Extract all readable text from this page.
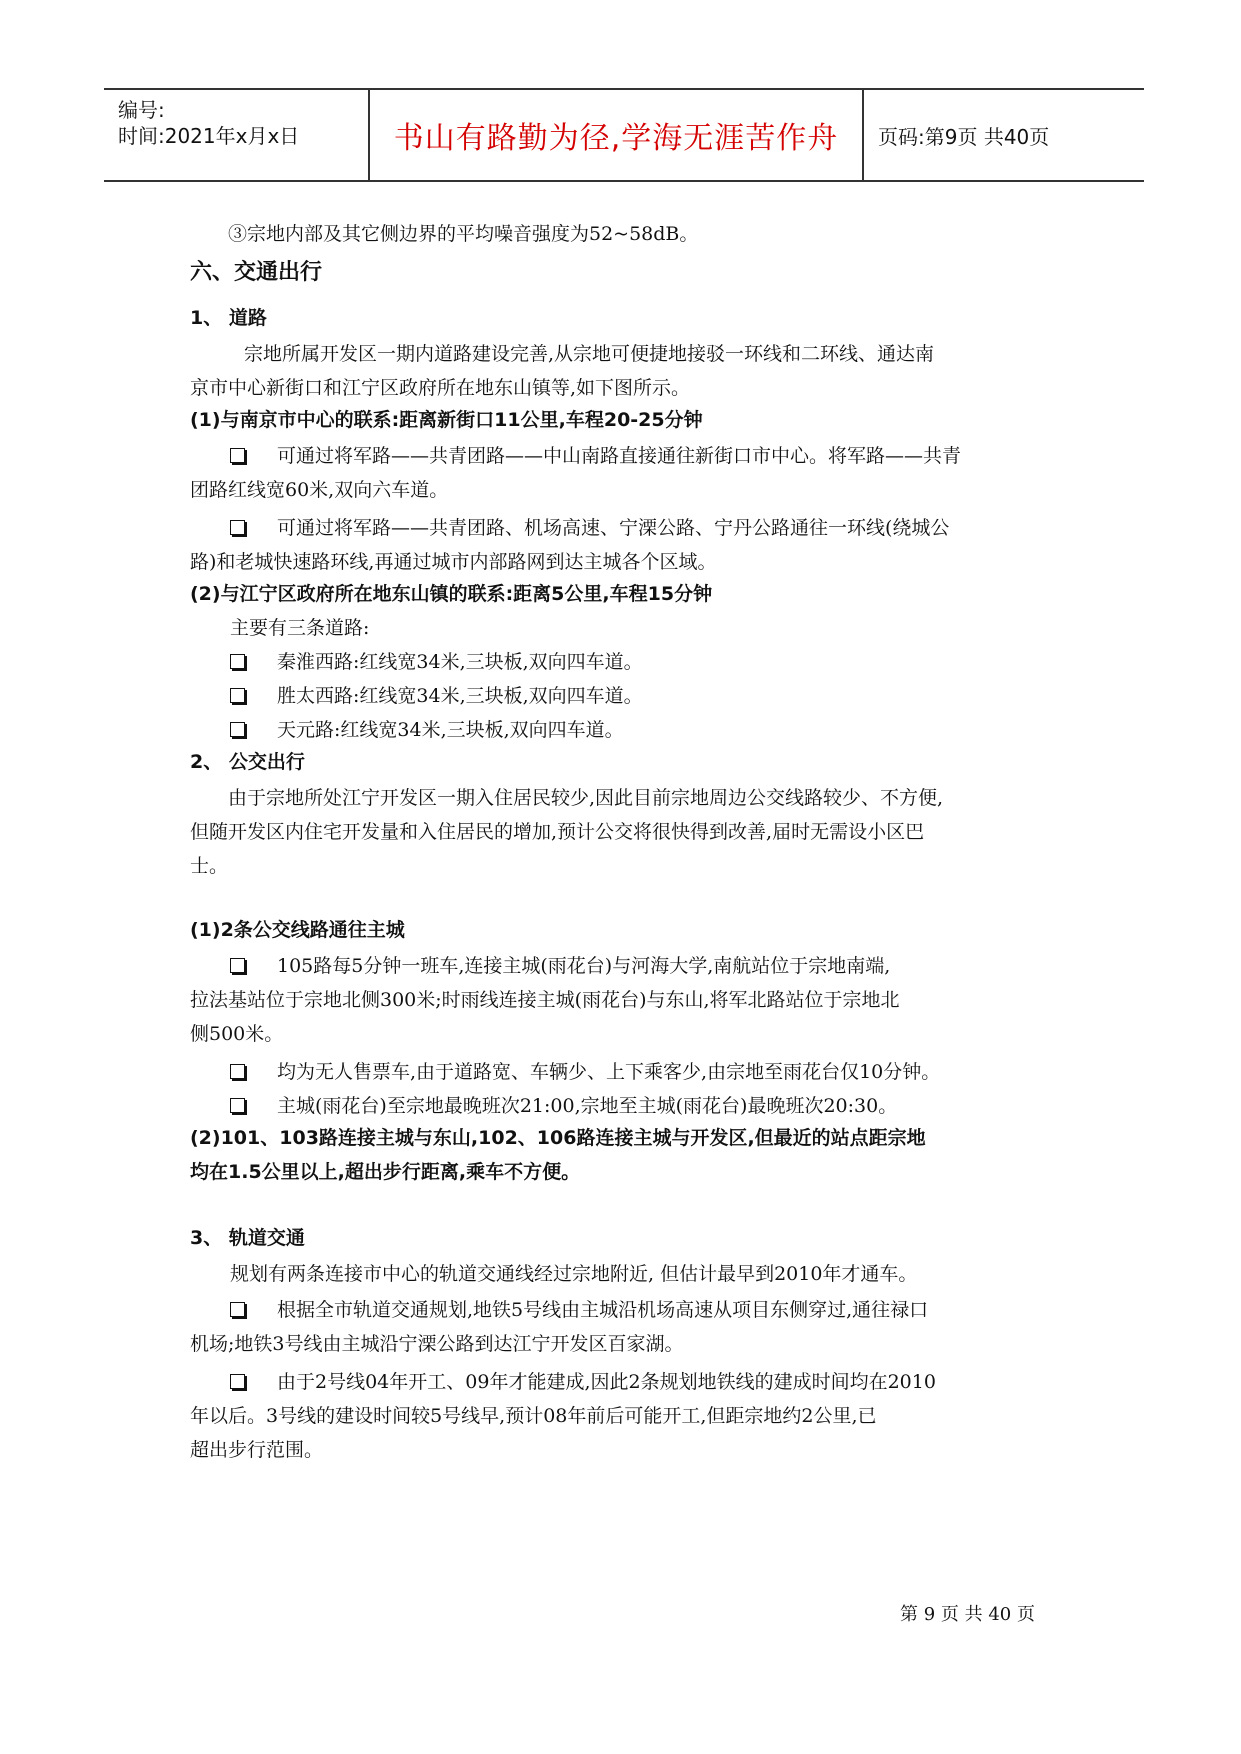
编号:
时间:2021年x月x日	书山有路勤为径,学海无涯苦作舟 页码:第9页 共40页
③宗地内部及其它侧边界的平均噪音强度为52~58dB。
六、交通出行
1、 道路
宗地所属开发区一期内道路建设完善,从宗地可便捷地接驳一环线和二环线、通达南
京市中心新街口和江宁区政府所在地东山镇等,如下图所示。
(1)与南京市中心的联系:距离新街口11公里,车程20-25分钟
可通过将军路——共青团路——中山南路直接通往新街口市中心。将军路——共青
团路红线宽60米,双向六车道。
可通过将军路——共青团路、机场高速、宁溧公路、宁丹公路通往一环线(绕城公
路)和老城快速路环线,再通过城市内部路网到达主城各个区域。
(2)与江宁区政府所在地东山镇的联系:距离5公里,车程15分钟
主要有三条道路:
秦淮西路:红线宽34米,三块板,双向四车道。
胜太西路:红线宽34米,三块板,双向四车道。
天元路:红线宽34米,三块板,双向四车道。
2、 公交出行
由于宗地所处江宁开发区一期入住居民较少,因此目前宗地周边公交线路较少、不方便,
但随开发区内住宅开发量和入住居民的增加,预计公交将很快得到改善,届时无需设小区巴
士。
(1)2条公交线路通往主城
105路每5分钟一班车,连接主城(雨花台)与河海大学,南航站位于宗地南端,
拉法基站位于宗地北侧300米;时雨线连接主城(雨花台)与东山,将军北路站位于宗地北
侧500米。
均为无人售票车,由于道路宽、车辆少、上下乘客少,由宗地至雨花台仅10分钟。
主城(雨花台)至宗地最晚班次21:00,宗地至主城(雨花台)最晚班次20:30。
(2)101、103路连接主城与东山,102、106路连接主城与开发区,但最近的站点距宗地
均在1.5公里以上,超出步行距离,乘车不方便。
3、 轨道交通
规划有两条连接市中心的轨道交通线经过宗地附近, 但估计最早到2010年才通车。
根据全市轨道交通规划,地铁5号线由主城沿机场高速从项目东侧穿过,通往禄口
机场;地铁3号线由主城沿宁溧公路到达江宁开发区百家湖。
由于2号线04年开工、09年才能建成,因此2条规划地铁线的建成时间均在2010
年以后。3号线的建设时间较5号线早,预计08年前后可能开工,但距宗地约2公里,已
超出步行范围。
第 9 页 共 40 页
